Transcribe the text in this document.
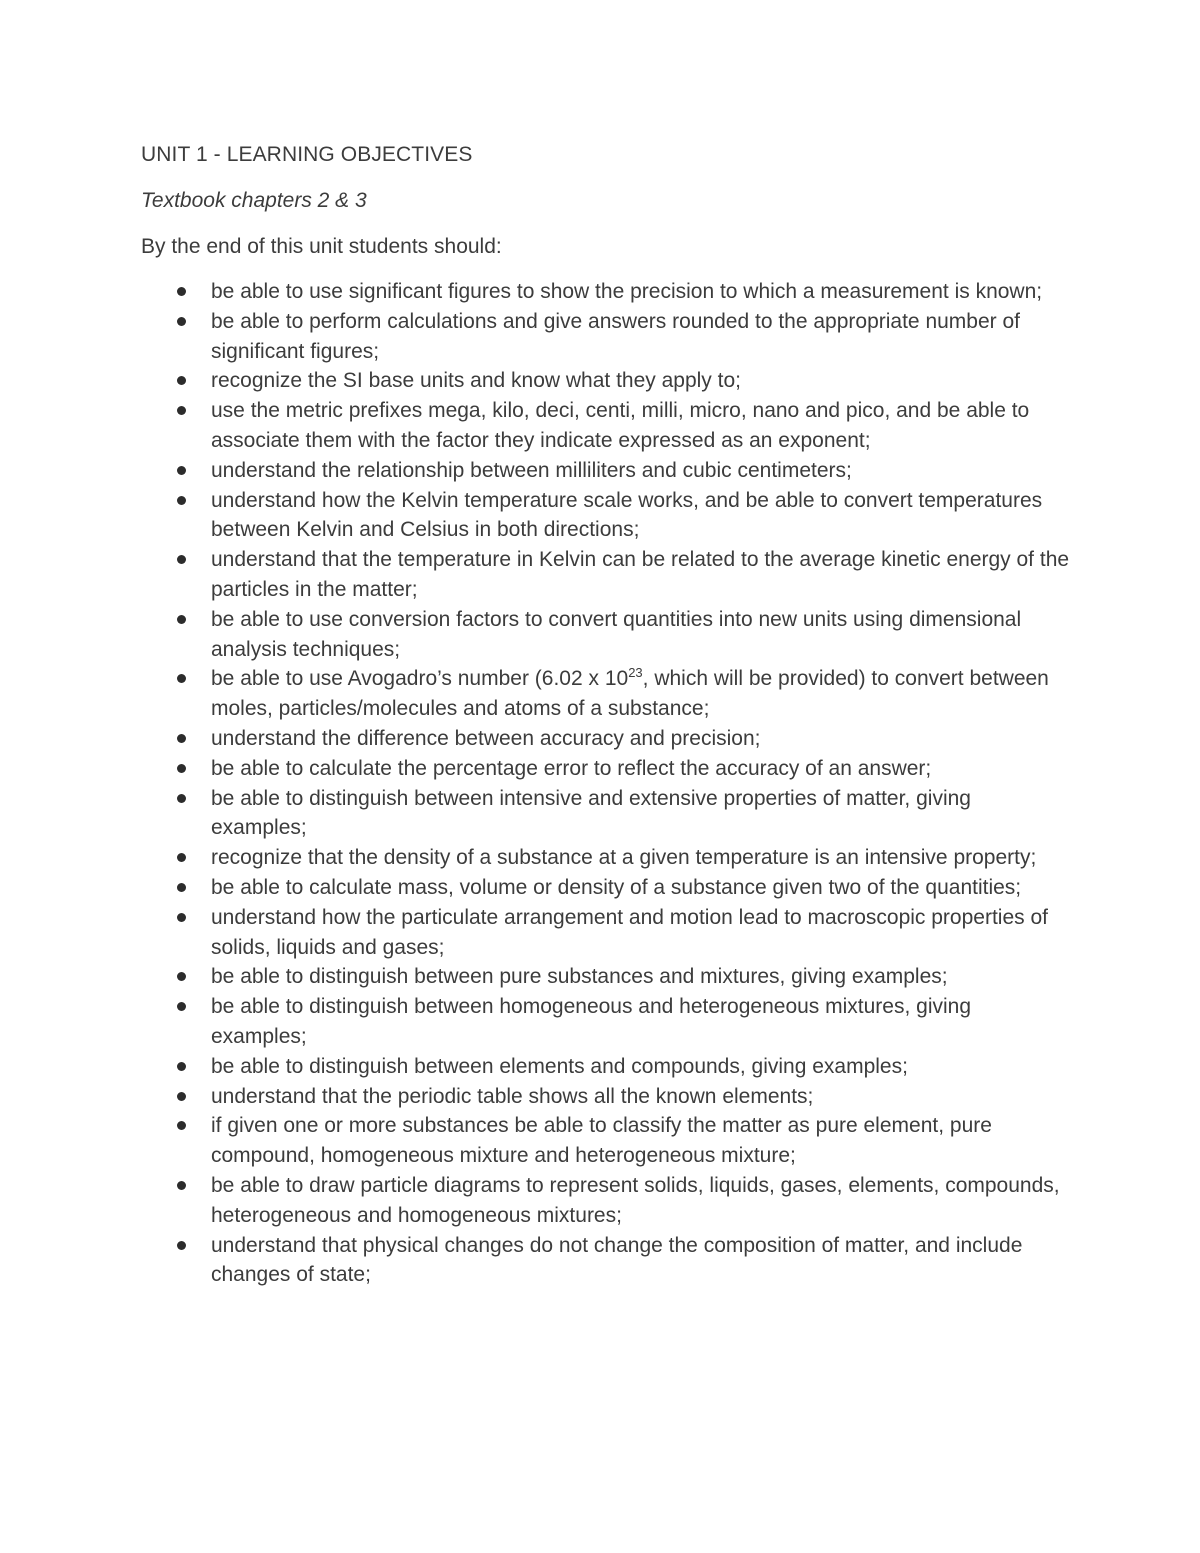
UNIT 1 - LEARNING OBJECTIVES
Textbook chapters 2 & 3
By the end of this unit students should:
be able to use significant figures to show the precision to which a measurement is known;
be able to perform calculations and give answers rounded to the appropriate number of significant figures;
recognize the SI base units and know what they apply to;
use the metric prefixes mega, kilo, deci, centi, milli, micro, nano and pico, and be able to associate them with the factor they indicate expressed as an exponent;
understand the relationship between milliliters and cubic centimeters;
understand how the Kelvin temperature scale works, and be able to convert temperatures between Kelvin and Celsius in both directions;
understand that the temperature in Kelvin can be related to the average kinetic energy of the particles in the matter;
be able to use conversion factors to convert quantities into new units using dimensional analysis techniques;
be able to use Avogadro’s number (6.02 x $10^{23}$, which will be provided) to convert between moles, particles/molecules and atoms of a substance;
understand the difference between accuracy and precision;
be able to calculate the percentage error to reflect the accuracy of an answer;
be able to distinguish between intensive and extensive properties of matter, giving examples;
recognize that the density of a substance at a given temperature is an intensive property;
be able to calculate mass, volume or density of a substance given two of the quantities;
understand how the particulate arrangement and motion lead to macroscopic properties of solids, liquids and gases;
be able to distinguish between pure substances and mixtures, giving examples;
be able to distinguish between homogeneous and heterogeneous mixtures, giving examples;
be able to distinguish between elements and compounds, giving examples;
understand that the periodic table shows all the known elements;
if given one or more substances be able to classify the matter as pure element, pure compound, homogeneous mixture and heterogeneous mixture;
be able to draw particle diagrams to represent solids, liquids, gases, elements, compounds, heterogeneous and homogeneous mixtures;
understand that physical changes do not change the composition of matter, and include changes of state;
